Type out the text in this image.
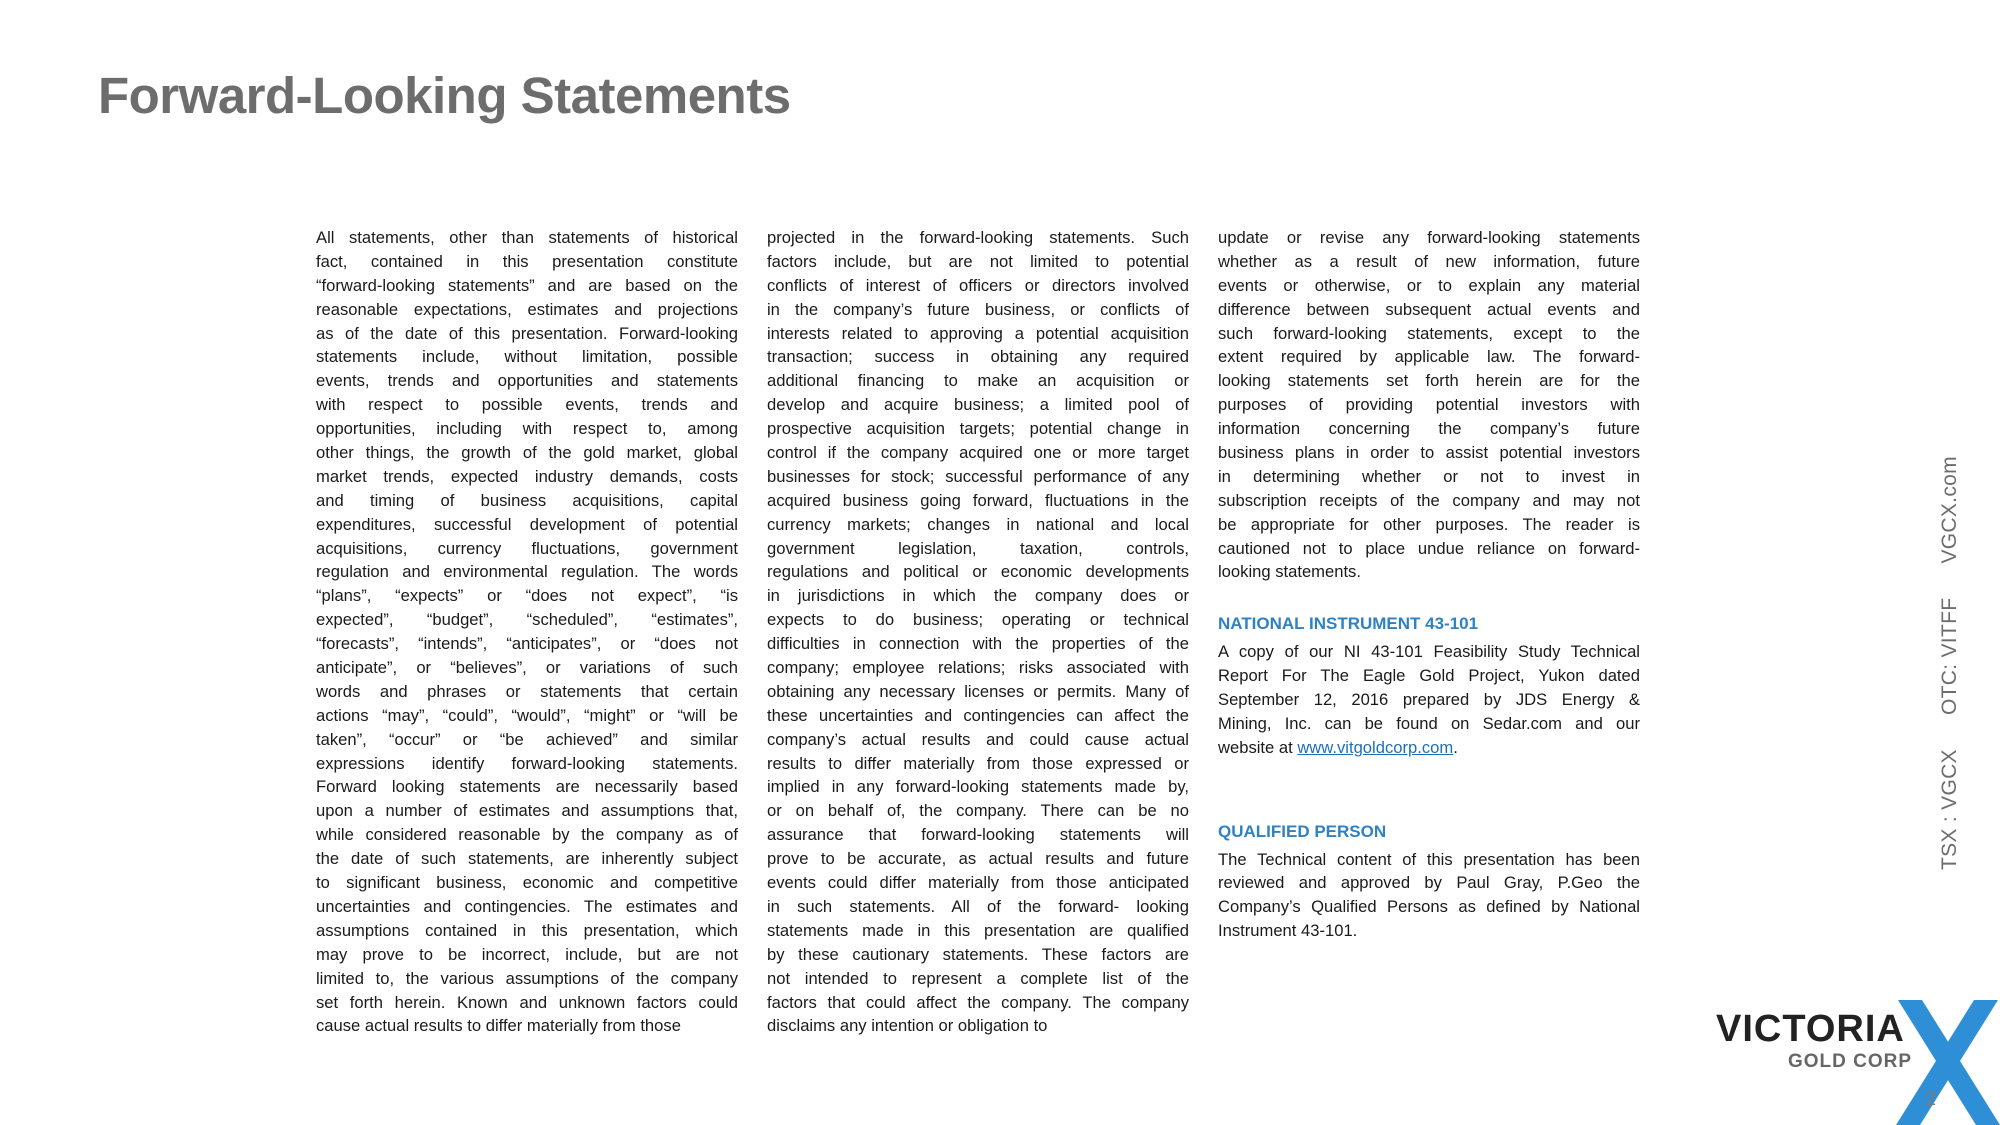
Forward-Looking Statements
All statements, other than statements of historical
fact, contained in this presentation constitute
“forward-looking statements” and are based on the
reasonable expectations, estimates and projections
as of the date of this presentation. Forward-looking
statements include, without limitation, possible
events, trends and opportunities and statements
with respect to possible events, trends and
opportunities, including with respect to, among
other things, the growth of the gold market, global
market trends, expected industry demands, costs
and timing of business acquisitions, capital
expenditures, successful development of potential
acquisitions, currency fluctuations, government
regulation and environmental regulation. The words
“plans”, “expects” or “does not expect”, “is
expected”, “budget”, “scheduled”, “estimates”,
“forecasts”, “intends”, “anticipates”, or “does not
anticipate”, or “believes”, or variations of such
words and phrases or statements that certain
actions “may”, “could”, “would”, “might” or “will be
taken”, “occur” or “be achieved” and similar
expressions identify forward-looking statements.
Forward looking statements are necessarily based
upon a number of estimates and assumptions that,
while considered reasonable by the company as of
the date of such statements, are inherently subject
to significant business, economic and competitive
uncertainties and contingencies. The estimates and
assumptions contained in this presentation, which
may prove to be incorrect, include, but are not
limited to, the various assumptions of the company
set forth herein. Known and unknown factors could
cause actual results to differ materially from those
projected in the forward-looking statements. Such
factors include, but are not limited to potential
conflicts of interest of officers or directors involved
in the company’s future business, or conflicts of
interests related to approving a potential acquisition
transaction; success in obtaining any required
additional financing to make an acquisition or
develop and acquire business; a limited pool of
prospective acquisition targets; potential change in
control if the company acquired one or more target
businesses for stock; successful performance of any
acquired business going forward, fluctuations in the
currency markets; changes in national and local
government legislation, taxation, controls,
regulations and political or economic developments
in jurisdictions in which the company does or
expects to do business; operating or technical
difficulties in connection with the properties of the
company; employee relations; risks associated with
obtaining any necessary licenses or permits. Many of
these uncertainties and contingencies can affect the
company’s actual results and could cause actual
results to differ materially from those expressed or
implied in any forward-looking statements made by,
or on behalf of, the company. There can be no
assurance that forward-looking statements will
prove to be accurate, as actual results and future
events could differ materially from those anticipated
in such statements. All of the forward- looking
statements made in this presentation are qualified
by these cautionary statements. These factors are
not intended to represent a complete list of the
factors that could affect the company. The company
disclaims any intention or obligation to
update or revise any forward-looking statements
whether as a result of new information, future
events or otherwise, or to explain any material
difference between subsequent actual events and
such forward-looking statements, except to the
extent required by applicable law. The forward-
looking statements set forth herein are for the
purposes of providing potential investors with
information concerning the company’s future
business plans in order to assist potential investors
in determining whether or not to invest in
subscription receipts of the company and may not
be appropriate for other purposes. The reader is
cautioned not to place undue reliance on forward-
looking statements.
NATIONAL INSTRUMENT 43-101
A copy of our NI 43-101 Feasibility Study Technical
Report For The Eagle Gold Project, Yukon dated
September 12, 2016 prepared by JDS Energy &
Mining, Inc. can be found on Sedar.com and our
website at www.vitgoldcorp.com.
QUALIFIED PERSON
The Technical content of this presentation has been
reviewed and approved by Paul Gray, P.Geo the
Company’s Qualified Persons as defined by National
Instrument 43-101.
TSX : VGCX OTC: VITFF VGCX.com
VICTORIA
GOLD CORP
2
